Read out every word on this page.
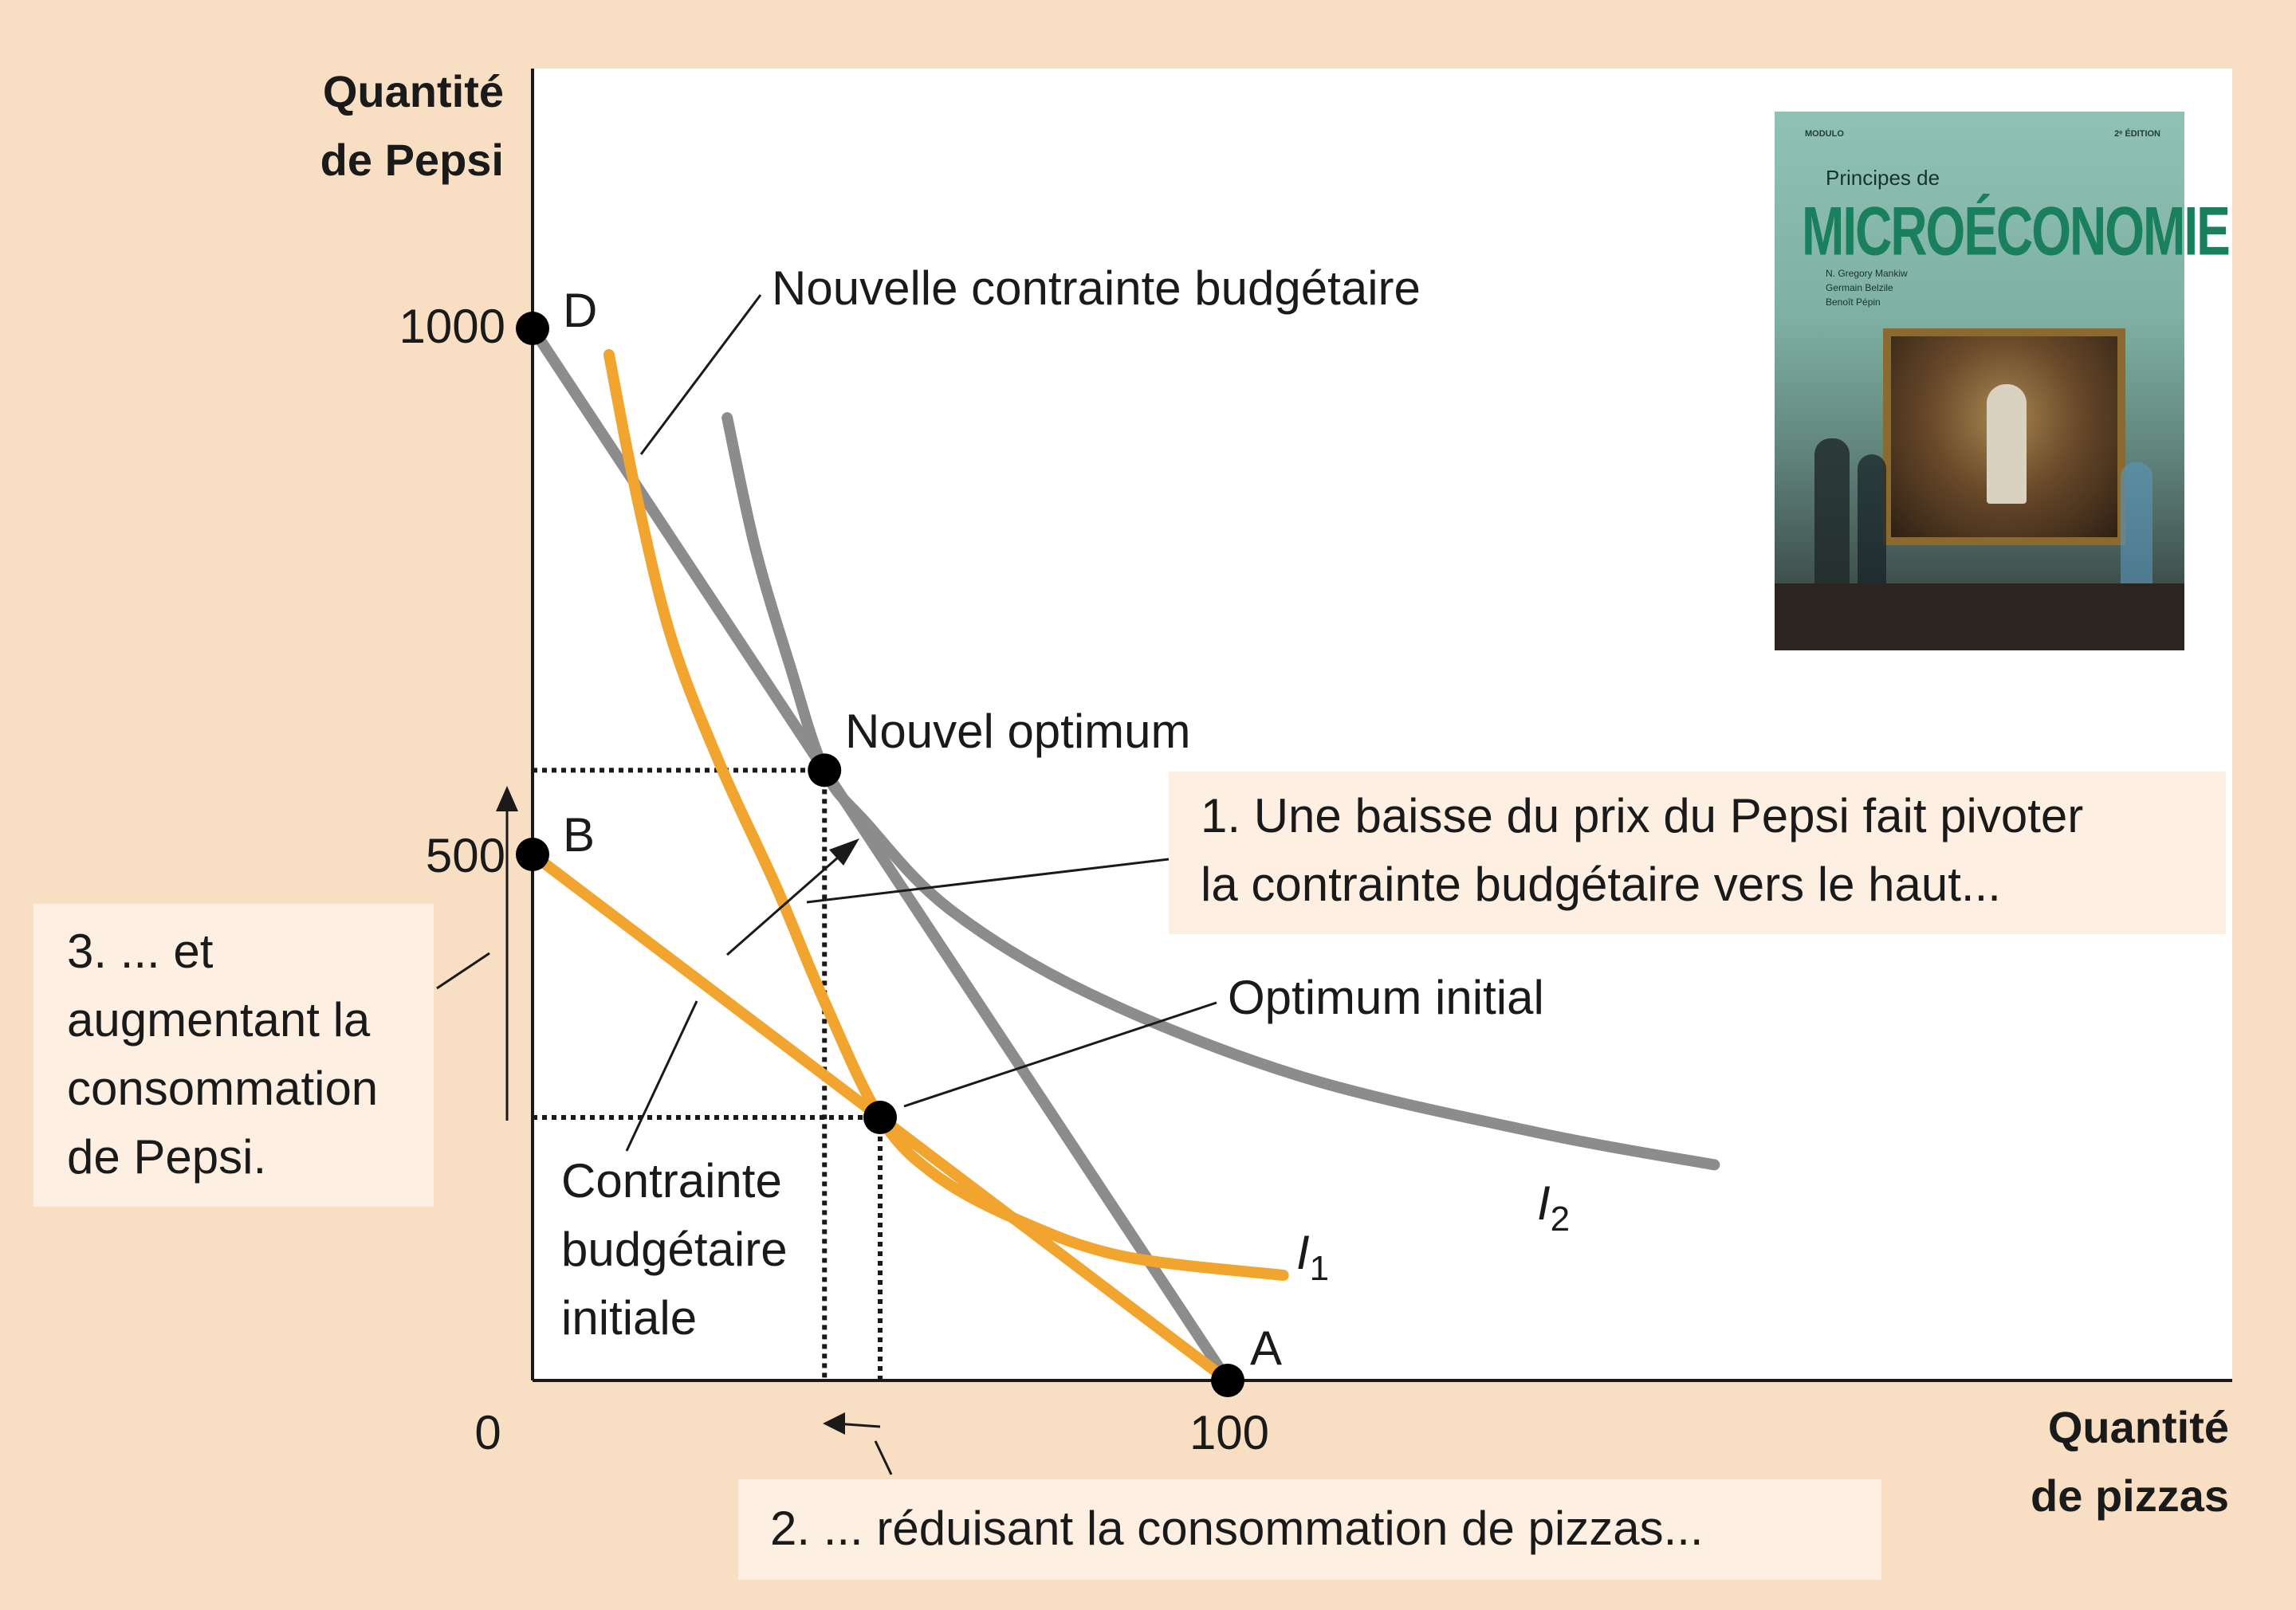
Quantité
de Pepsi
Quantité
de pizzas
0	100
1000
500
D
B
A
Nouvelle contrainte budgétaire
Nouvel optimum
Optimum initial
Contrainte
budgétaire
initiale
$I_1$
$I_2$
1. Une baisse du prix du Pepsi fait pivoter
la contrainte budgétaire vers le haut...
2. ... réduisant la consommation de pizzas...
3. ... et
augmentant la
consommation
de Pepsi.
MODULO	2ᵉ ÉDITION
Principes de
MICROÉCONOMIE
N. Gregory Mankiw
Germain Belzile
Benoît Pépin
